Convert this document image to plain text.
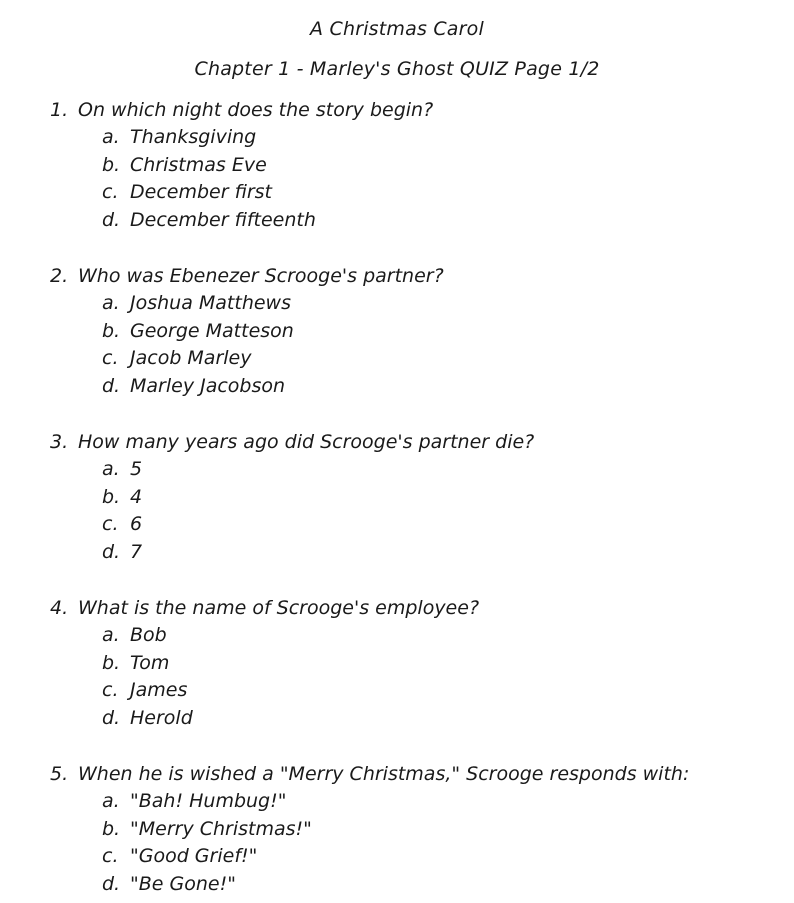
A Christmas Carol
Chapter 1 - Marley's Ghost QUIZ Page 1/2
1. On which night does the story begin?
a. Thanksgiving
b. Christmas Eve
c. December first
d. December fifteenth
2. Who was Ebenezer Scrooge's partner?
a. Joshua Matthews
b. George Matteson
c. Jacob Marley
d. Marley Jacobson
3. How many years ago did Scrooge's partner die?
a. 5
b. 4
c. 6
d. 7
4. What is the name of Scrooge's employee?
a. Bob
b. Tom
c. James
d. Herold
5. When he is wished a "Merry Christmas," Scrooge responds with:
a. "Bah! Humbug!"
b. "Merry Christmas!"
c. "Good Grief!"
d. "Be Gone!"
